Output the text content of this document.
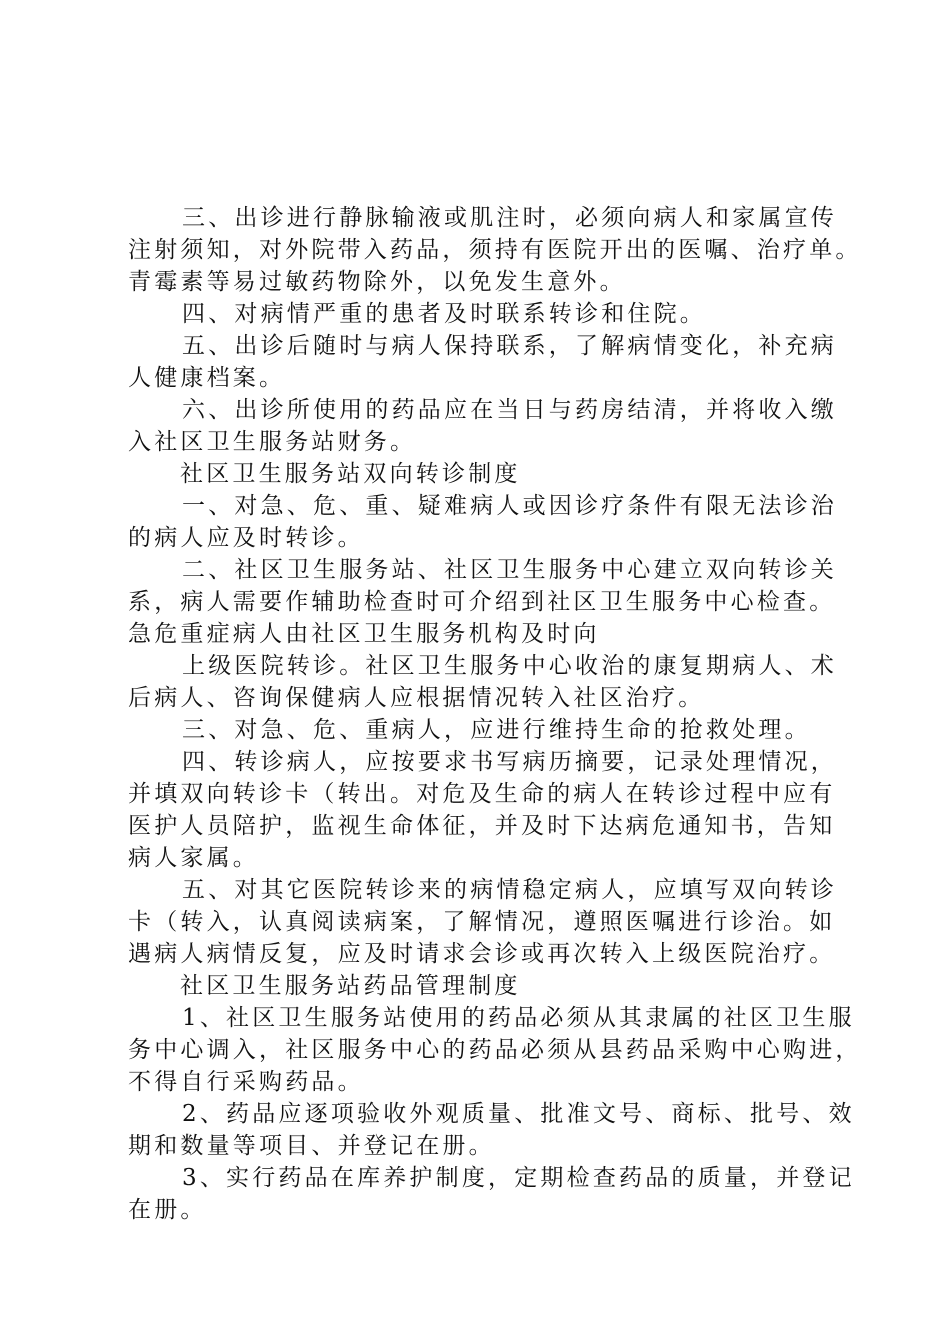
三、出诊进行静脉输液或肌注时，必须向病人和家属宣传
注射须知，对外院带入药品，须持有医院开出的医嘱、治疗单。
青霉素等易过敏药物除外，以免发生意外。
四、对病情严重的患者及时联系转诊和住院。
五、出诊后随时与病人保持联系，了解病情变化，补充病
人健康档案。
六、出诊所使用的药品应在当日与药房结清，并将收入缴
入社区卫生服务站财务。
社区卫生服务站双向转诊制度
一、对急、危、重、疑难病人或因诊疗条件有限无法诊治
的病人应及时转诊。
二、社区卫生服务站、社区卫生服务中心建立双向转诊关
系，病人需要作辅助检查时可介绍到社区卫生服务中心检查。
急危重症病人由社区卫生服务机构及时向
上级医院转诊。社区卫生服务中心收治的康复期病人、术
后病人、咨询保健病人应根据情况转入社区治疗。
三、对急、危、重病人，应进行维持生命的抢救处理。
四、转诊病人，应按要求书写病历摘要，记录处理情况，
并填双向转诊卡（转出。对危及生命的病人在转诊过程中应有
医护人员陪护，监视生命体征，并及时下达病危通知书，告知
病人家属。
五、对其它医院转诊来的病情稳定病人，应填写双向转诊
卡（转入，认真阅读病案，了解情况，遵照医嘱进行诊治。如
遇病人病情反复，应及时请求会诊或再次转入上级医院治疗。
社区卫生服务站药品管理制度
1、社区卫生服务站使用的药品必须从其隶属的社区卫生服
务中心调入，社区服务中心的药品必须从县药品采购中心购进，
不得自行采购药品。
2、药品应逐项验收外观质量、批准文号、商标、批号、效
期和数量等项目、并登记在册。
3、实行药品在库养护制度，定期检查药品的质量，并登记
在册。
